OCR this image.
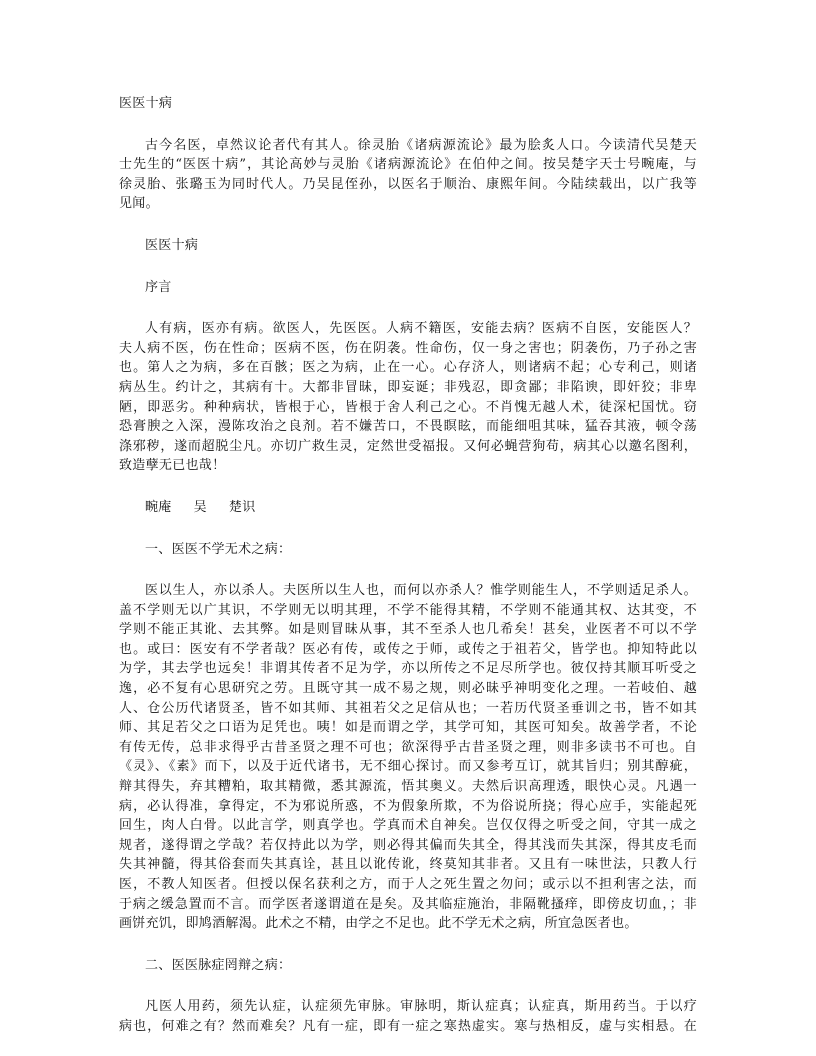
医医十病

古今名医，卓然议论者代有其人。徐灵胎《诸病源流论》最为脍炙人口。今读清代吴楚天

士先生的“医医十病”，其论高妙与灵胎《诸病源流论》在伯仲之间。按吴楚字天士号畹庵，与

徐灵胎、张璐玉为同时代人。乃吴昆侄孙，以医名于顺治、康熙年间。今陆续载出，以广我等

见闻。

医医十病

序言

人有病，医亦有病。欲医人，先医医。人病不籍医，安能去病？医病不自医，安能医人？

夫人病不医，伤在性命；医病不医，伤在阴袭。性命伤，仅一身之害也；阴袭伤，乃子孙之害

也。第人之为病，多在百骸；医之为病，止在一心。心存济人，则诸病不起；心专利己，则诸

病丛生。约计之，其病有十。大都非冒昧，即妄诞；非残忍，即贪鄙；非陷谀，即奸狡；非卑

陋，即恶劣。种种病状，皆根于心，皆根于舍人利己之心。不肖愧无越人术，徒深杞国忧。窃

恐膏腴之入深，漫陈攻治之良剂。若不嫌苦口，不畏瞑眩，而能细咀其味，猛吞其液，顿令荡

涤邪秽，遂而超脱尘凡。亦切广救生灵，定然世受福报。又何必蝇营狗苟，病其心以邀名图利，

致造孽无已也哉！

畹庵 吴 楚识

一、医医不学无术之病：

医以生人，亦以杀人。夫医所以生人也，而何以亦杀人？惟学则能生人，不学则适足杀人。

盖不学则无以广其识，不学则无以明其理，不学不能得其精，不学则不能通其权、达其变，不

学则不能正其讹、去其弊。如是则冒昧从事，其不至杀人也几希矣！甚矣，业医者不可以不学

也。或曰：医安有不学者哉？医必有传，或传之于师，或传之于祖若父，皆学也。抑知特此以

为学，其去学也远矣！非谓其传者不足为学，亦以所传之不足尽所学也。彼仅持其顺耳听受之

逸，必不复有心思研究之劳。且既守其一成不易之规，则必昧乎神明变化之理。一若岐伯、越

人、仓公历代诸贤圣，皆不如其师、其祖若父之足信从也；一若历代贤圣垂训之书，皆不如其

师、其足若父之口语为足凭也。咦！如是而谓之学，其学可知，其医可知矣。故善学者，不论

有传无传，总非求得乎古昔圣贤之理不可也；欲深得乎古昔圣贤之理，则非多读书不可也。自

《灵》、《素》而下，以及于近代诸书，无不细心探讨。而又参考互订，就其旨归；别其醇疵，

辩其得失，弃其糟粕，取其精微，悉其源流，悟其奥义。夫然后识高理透，眼快心灵。凡遇一

病，必认得准，拿得定，不为邪说所惑，不为假象所欺，不为俗说所挠；得心应手，实能起死

回生，肉人白骨。以此言学，则真学也。学真而术自神矣。岂仅仅得之听受之间，守其一成之

规者，遂得谓之学哉？若仅持此以为学，则必得其偏而失其全，得其浅而失其深，得其皮毛而

失其神髓，得其俗套而失其真诠，甚且以讹传讹，终莫知其非者。又且有一味世法，只教人行

医，不教人知医者。但授以保名获利之方，而于人之死生置之勿问；或示以不担利害之法，而

于病之缓急置而不言。而学医者遂谓道在是矣。及其临症施治，非隔靴搔痒，即傍皮切血，；非

画饼充饥，即鸠酒解渴。此术之不精，由学之不足也。此不学无术之病，所宜急医者也。

二、医医脉症罔辩之病：

凡医人用药，须先认症，认症须先审脉。审脉明，斯认症真；认症真，斯用药当。于以疗

病也，何难之有？然而难矣？凡有一症，即有一症之寒热虚实。寒与热相反，虚与实相悬。在
